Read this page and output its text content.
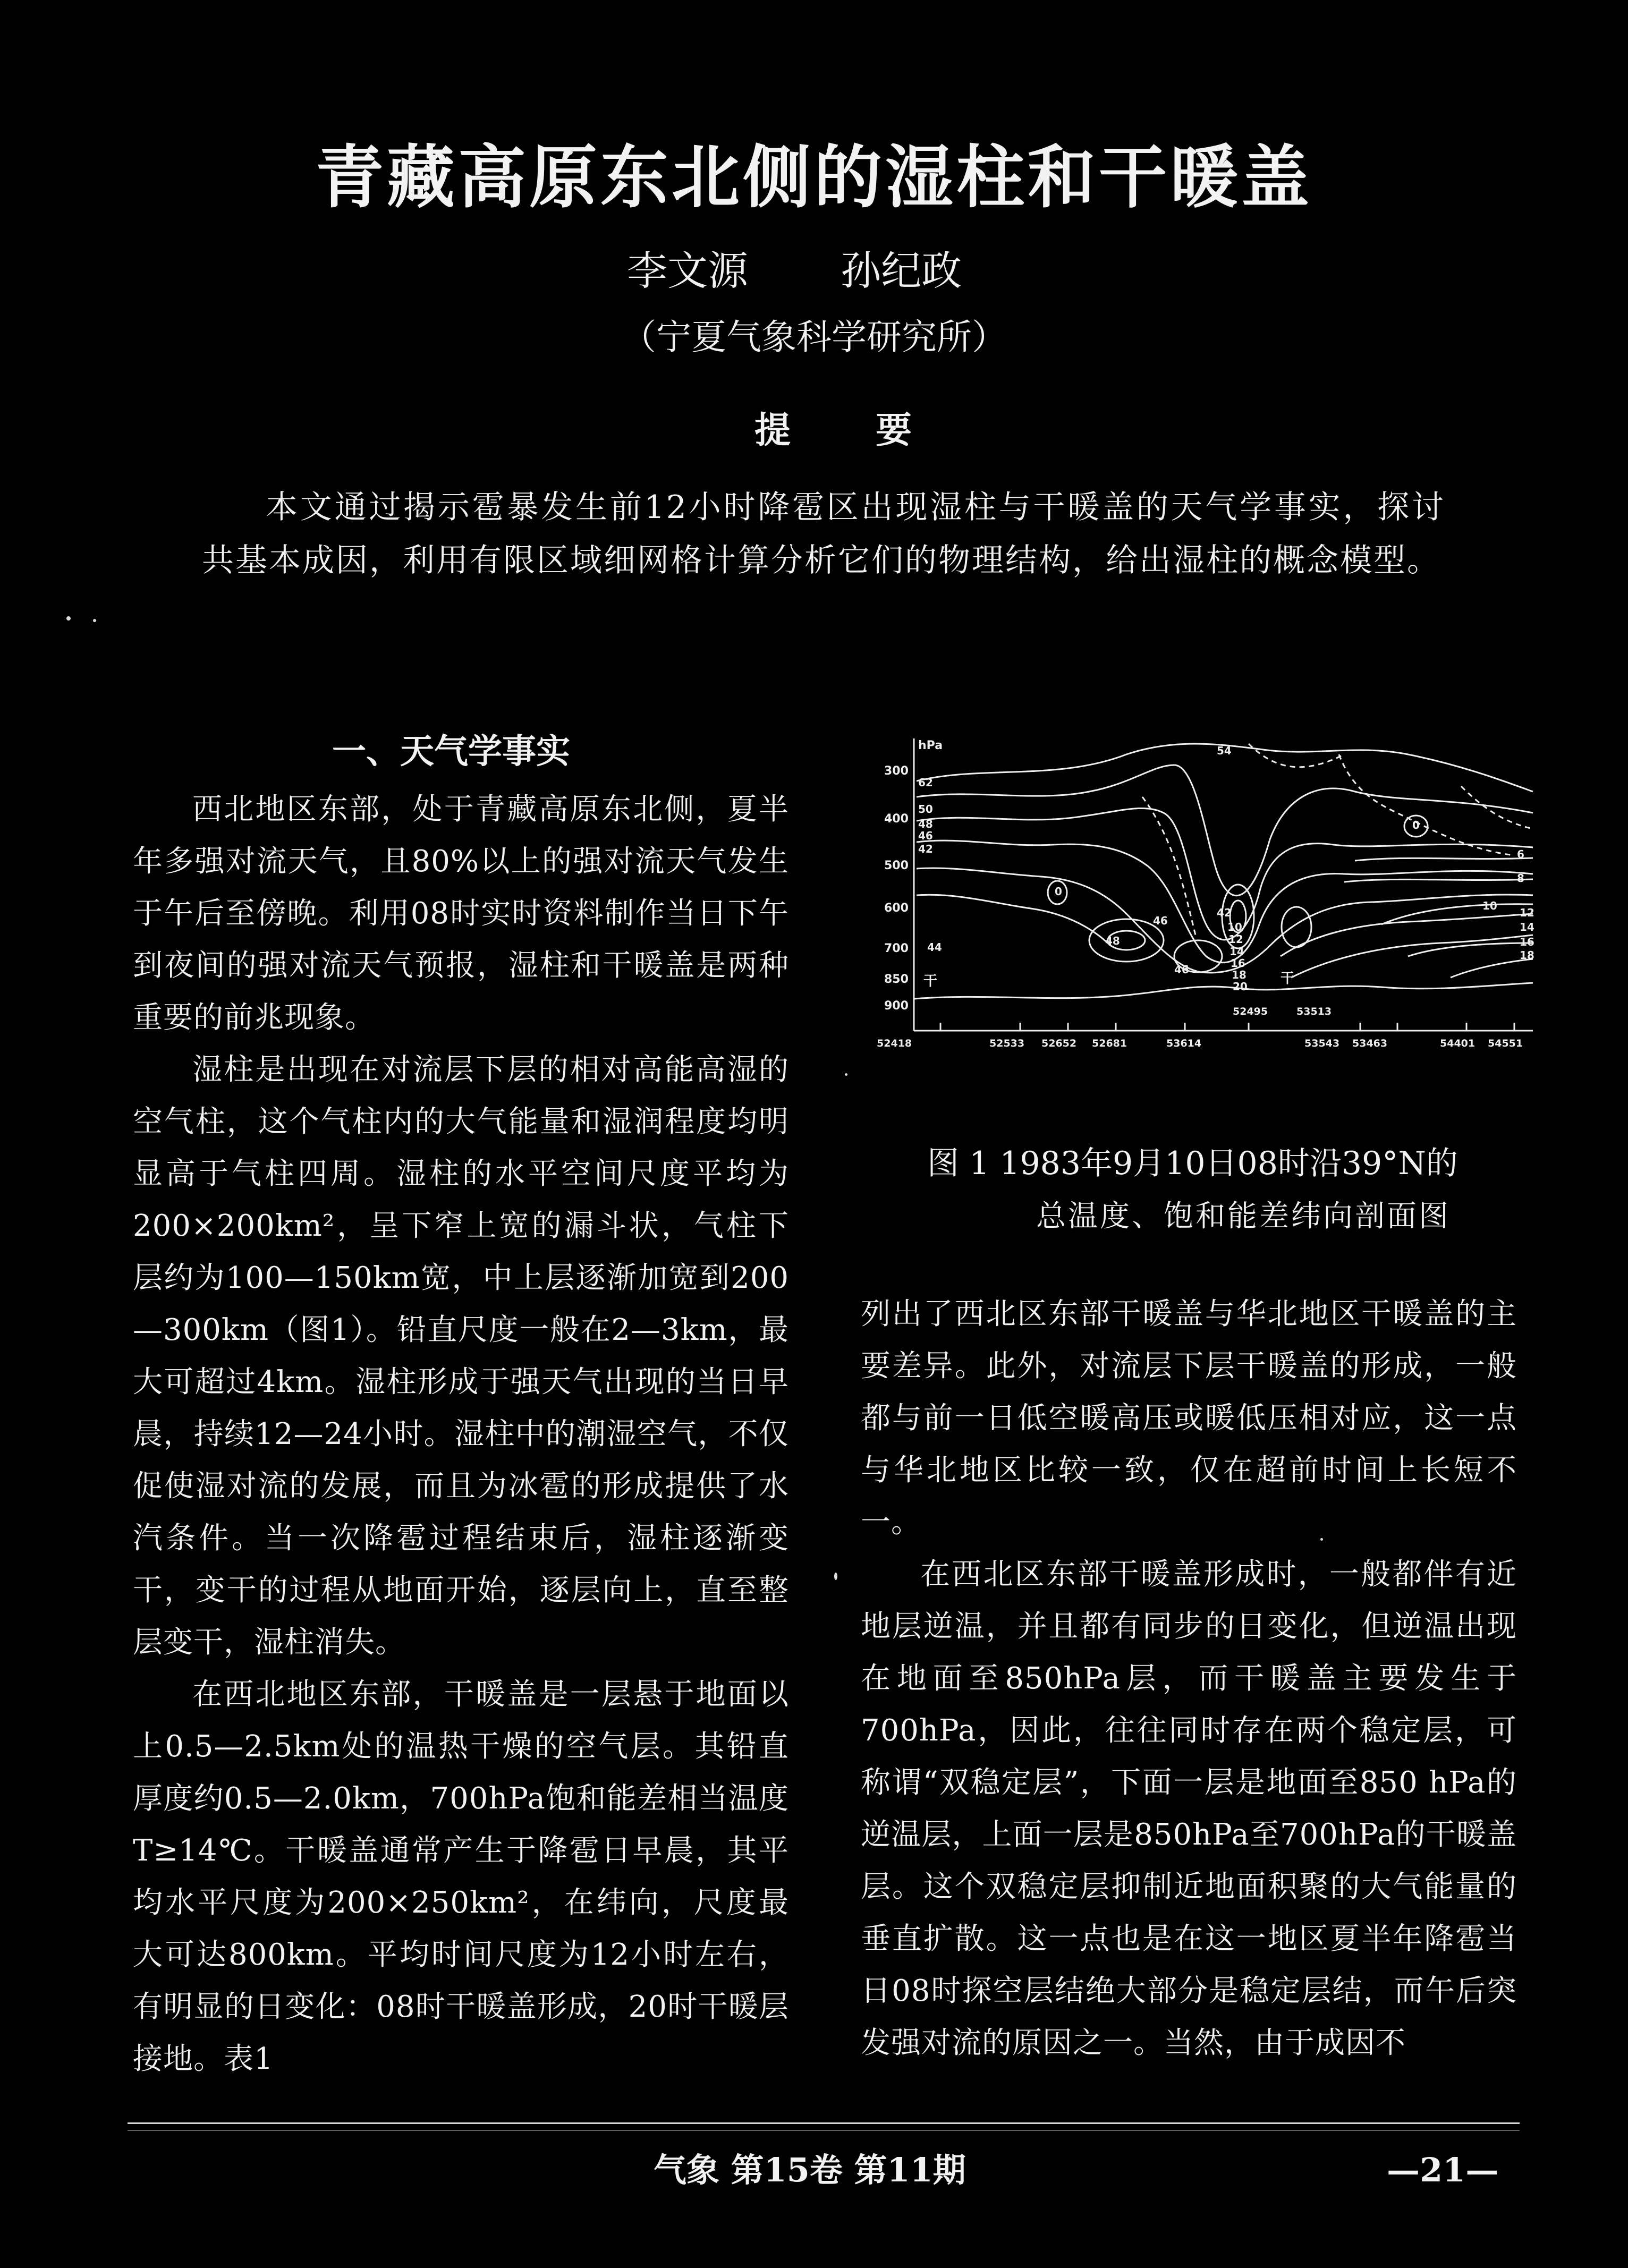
青藏高原东北侧的湿柱和干暖盖
李文源 孙纪政
（宁夏气象科学研究所）
提 要
本文通过揭示雹暴发生前12小时降雹区出现湿柱与干暖盖的天气学事实，探讨共基本成因，利用有限区域细网格计算分析它们的物理结构，给出湿柱的概念模型。
一、天气学事实

西北地区东部，处于青藏高原东北侧，夏半年多强对流天气，且80%以上的强对流天气发生于午后至傍晚。利用08时实时资料制作当日下午到夜间的强对流天气预报，湿柱和干暖盖是两种重要的前兆现象。

湿柱是出现在对流层下层的相对高能高湿的空气柱，这个气柱内的大气能量和湿润程度均明显高于气柱四周。湿柱的水平空间尺度平均为200×200km²，呈下窄上宽的漏斗状，气柱下层约为100—150km宽，中上层逐渐加宽到200—300km（图1）。铅直尺度一般在2—3km，最大可超过4km。湿柱形成于强天气出现的当日早晨，持续12—24小时。湿柱中的潮湿空气，不仅促使湿对流的发展，而且为冰雹的形成提供了水汽条件。当一次降雹过程结束后，湿柱逐渐变干，变干的过程从地面开始，逐层向上，直至整层变干，湿柱消失。

在西北地区东部，干暖盖是一层悬于地面以上0.5—2.5km处的温热干燥的空气层。其铅直厚度约0.5—2.0km，700hPa饱和能差相当温度T≥14℃。干暖盖通常产生于降雹日早晨，其平均水平尺度为200×250km²，在纬向，尺度最大可达800km。平均时间尺度为12小时左右，有明显的日变化：08时干暖盖形成，20时干暖层接地。表1

hPa
300
400
500
600
700
850
900	52495	53513
52418	52533 52652 52681	53614	53543 53463	54401 54551
54
62
50
48
46
42
44
46
48
46
42
10
12
14
16
18
20
6
8
10
12
14
16
18
0
0
干	干
图 1 1983年9月10日08时沿39°N的
总温度、饱和能差纬向剖面图

列出了西北区东部干暖盖与华北地区干暖盖的主要差异。此外，对流层下层干暖盖的形成，一般都与前一日低空暖高压或暖低压相对应，这一点与华北地区比较一致，仅在超前时间上长短不一。

在西北区东部干暖盖形成时，一般都伴有近地层逆温，并且都有同步的日变化，但逆温出现在地面至850hPa层，而干暖盖主要发生于700hPa，因此，往往同时存在两个稳定层，可称谓“双稳定层”，下面一层是地面至850 hPa的逆温层，上面一层是850hPa至700hPa的干暖盖层。这个双稳定层抑制近地面积聚的大气能量的垂直扩散。这一点也是在这一地区夏半年降雹当日08时探空层结绝大部分是稳定层结，而午后突发强对流的原因之一。当然，由于成因不

气象 第15卷 第11期	—21—
